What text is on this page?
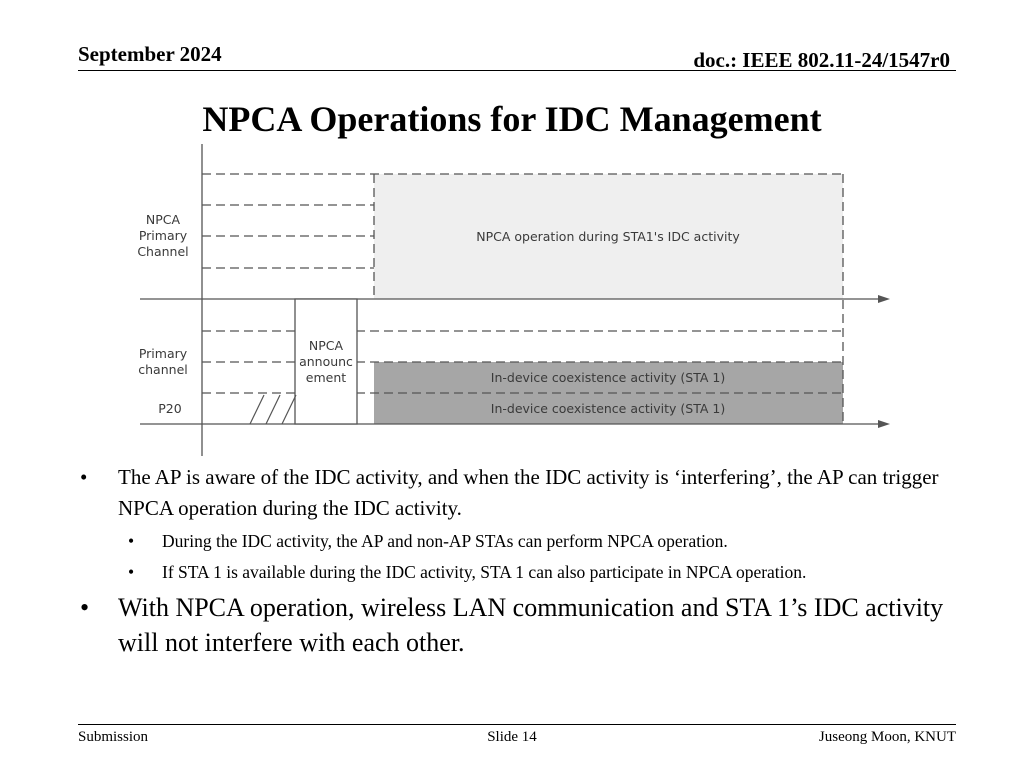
September 2024	doc.: IEEE 802.11-24/1547r0
NPCA Operations for IDC Management
NPCA
Primary
Channel
Primary
channel
P20
NPCA
announc
ement
NPCA operation during STA1's IDC activity
In-device coexistence activity (STA 1)
In-device coexistence activity (STA 1)
• The AP is aware of the IDC activity, and when the IDC activity is ‘interfering’, the AP can trigger NPCA operation during the IDC activity.
• During the IDC activity, the AP and non-AP STAs can perform NPCA operation.
• If STA 1 is available during the IDC activity, STA 1 can also participate in NPCA operation.
• With NPCA operation, wireless LAN communication and STA 1’s IDC activity will not interfere with each other.
Submission	Slide 14	Juseong Moon, KNUT
